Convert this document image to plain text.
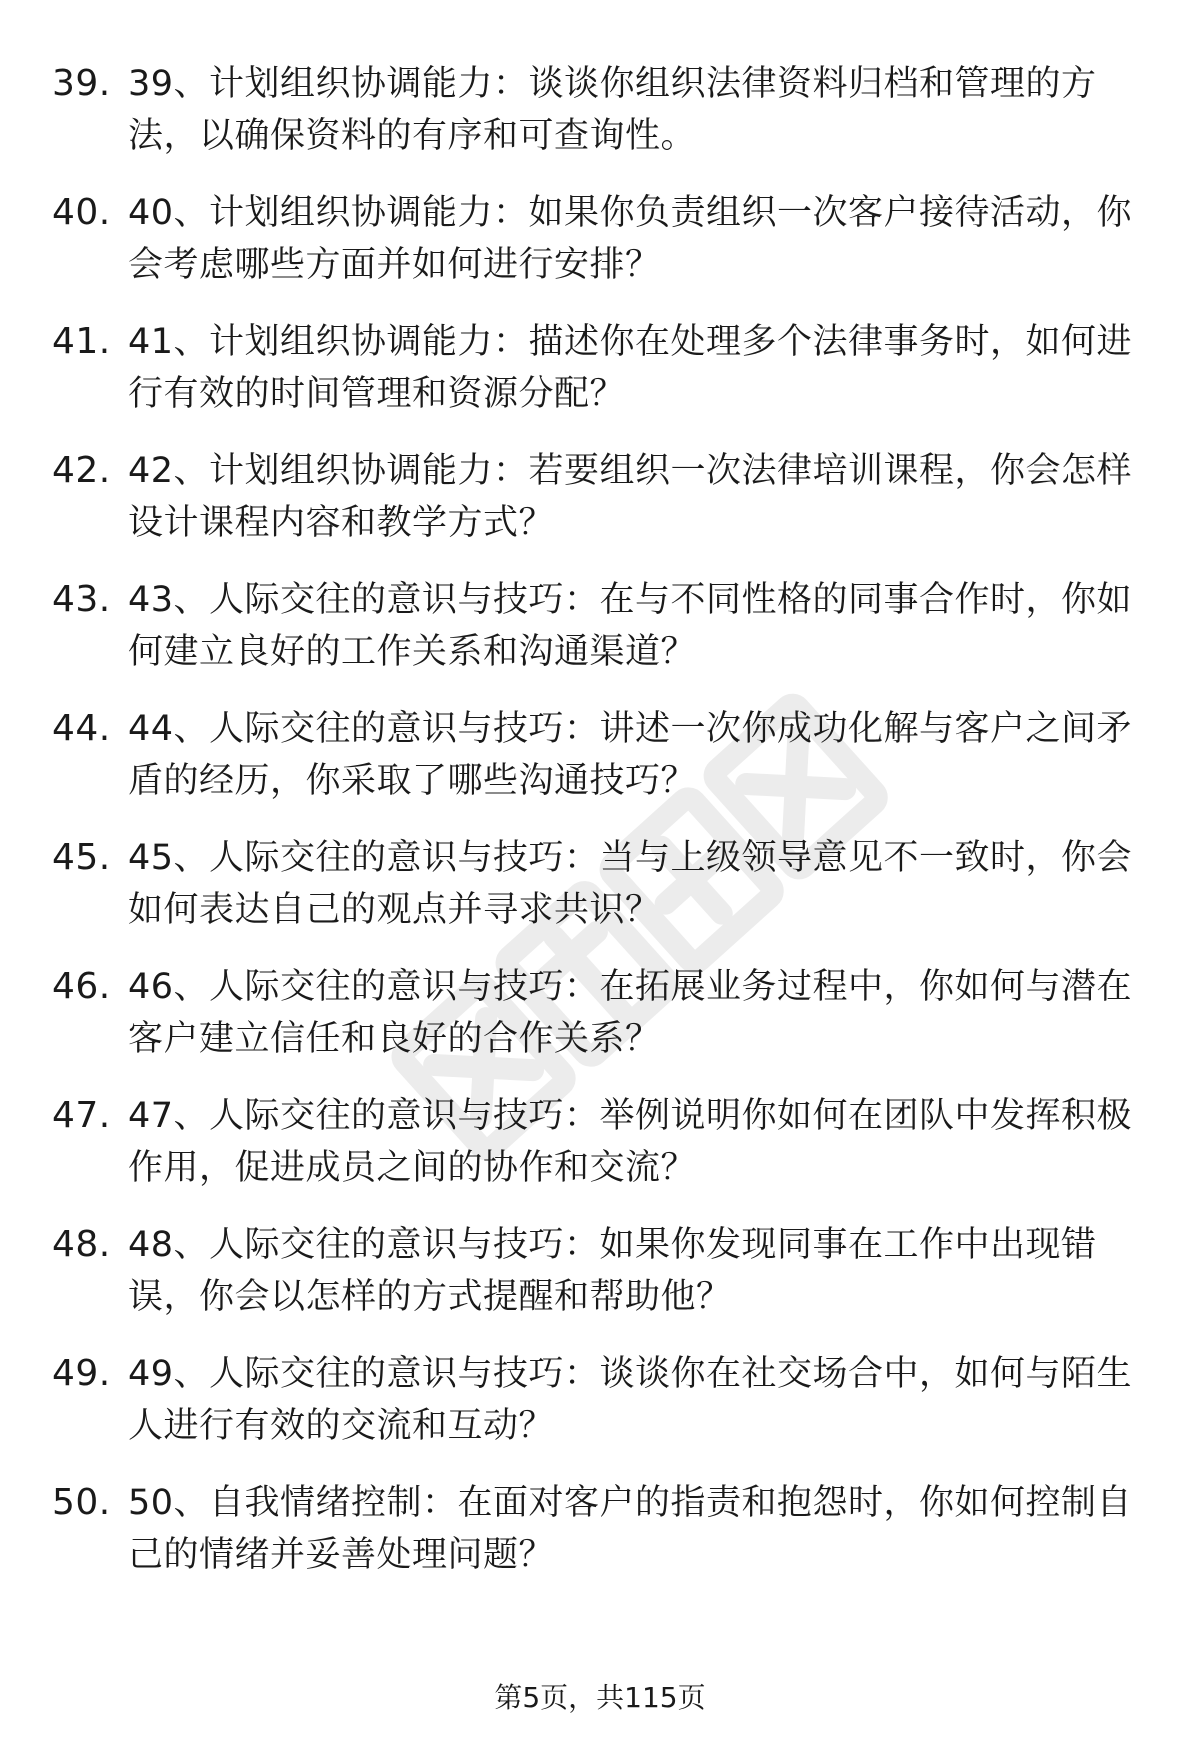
39. 39、计划组织协调能力：谈谈你组织法律资料归档和管理的方法，以确保资料的有序和可查询性。
40. 40、计划组织协调能力：如果你负责组织一次客户接待活动，你会考虑哪些方面并如何进行安排？
41. 41、计划组织协调能力：描述你在处理多个法律事务时，如何进行有效的时间管理和资源分配？
42. 42、计划组织协调能力：若要组织一次法律培训课程，你会怎样设计课程内容和教学方式？
43. 43、人际交往的意识与技巧：在与不同性格的同事合作时，你如何建立良好的工作关系和沟通渠道？
44. 44、人际交往的意识与技巧：讲述一次你成功化解与客户之间矛盾的经历，你采取了哪些沟通技巧？
45. 45、人际交往的意识与技巧：当与上级领导意见不一致时，你会如何表达自己的观点并寻求共识？
46. 46、人际交往的意识与技巧：在拓展业务过程中，你如何与潜在客户建立信任和良好的合作关系？
47. 47、人际交往的意识与技巧：举例说明你如何在团队中发挥积极作用，促进成员之间的协作和交流？
48. 48、人际交往的意识与技巧：如果你发现同事在工作中出现错误，你会以怎样的方式提醒和帮助他？
49. 49、人际交往的意识与技巧：谈谈你在社交场合中，如何与陌生人进行有效的交流和互动？
50. 50、自我情绪控制：在面对客户的指责和抱怨时，你如何控制自己的情绪并妥善处理问题？
第5页，共115页
